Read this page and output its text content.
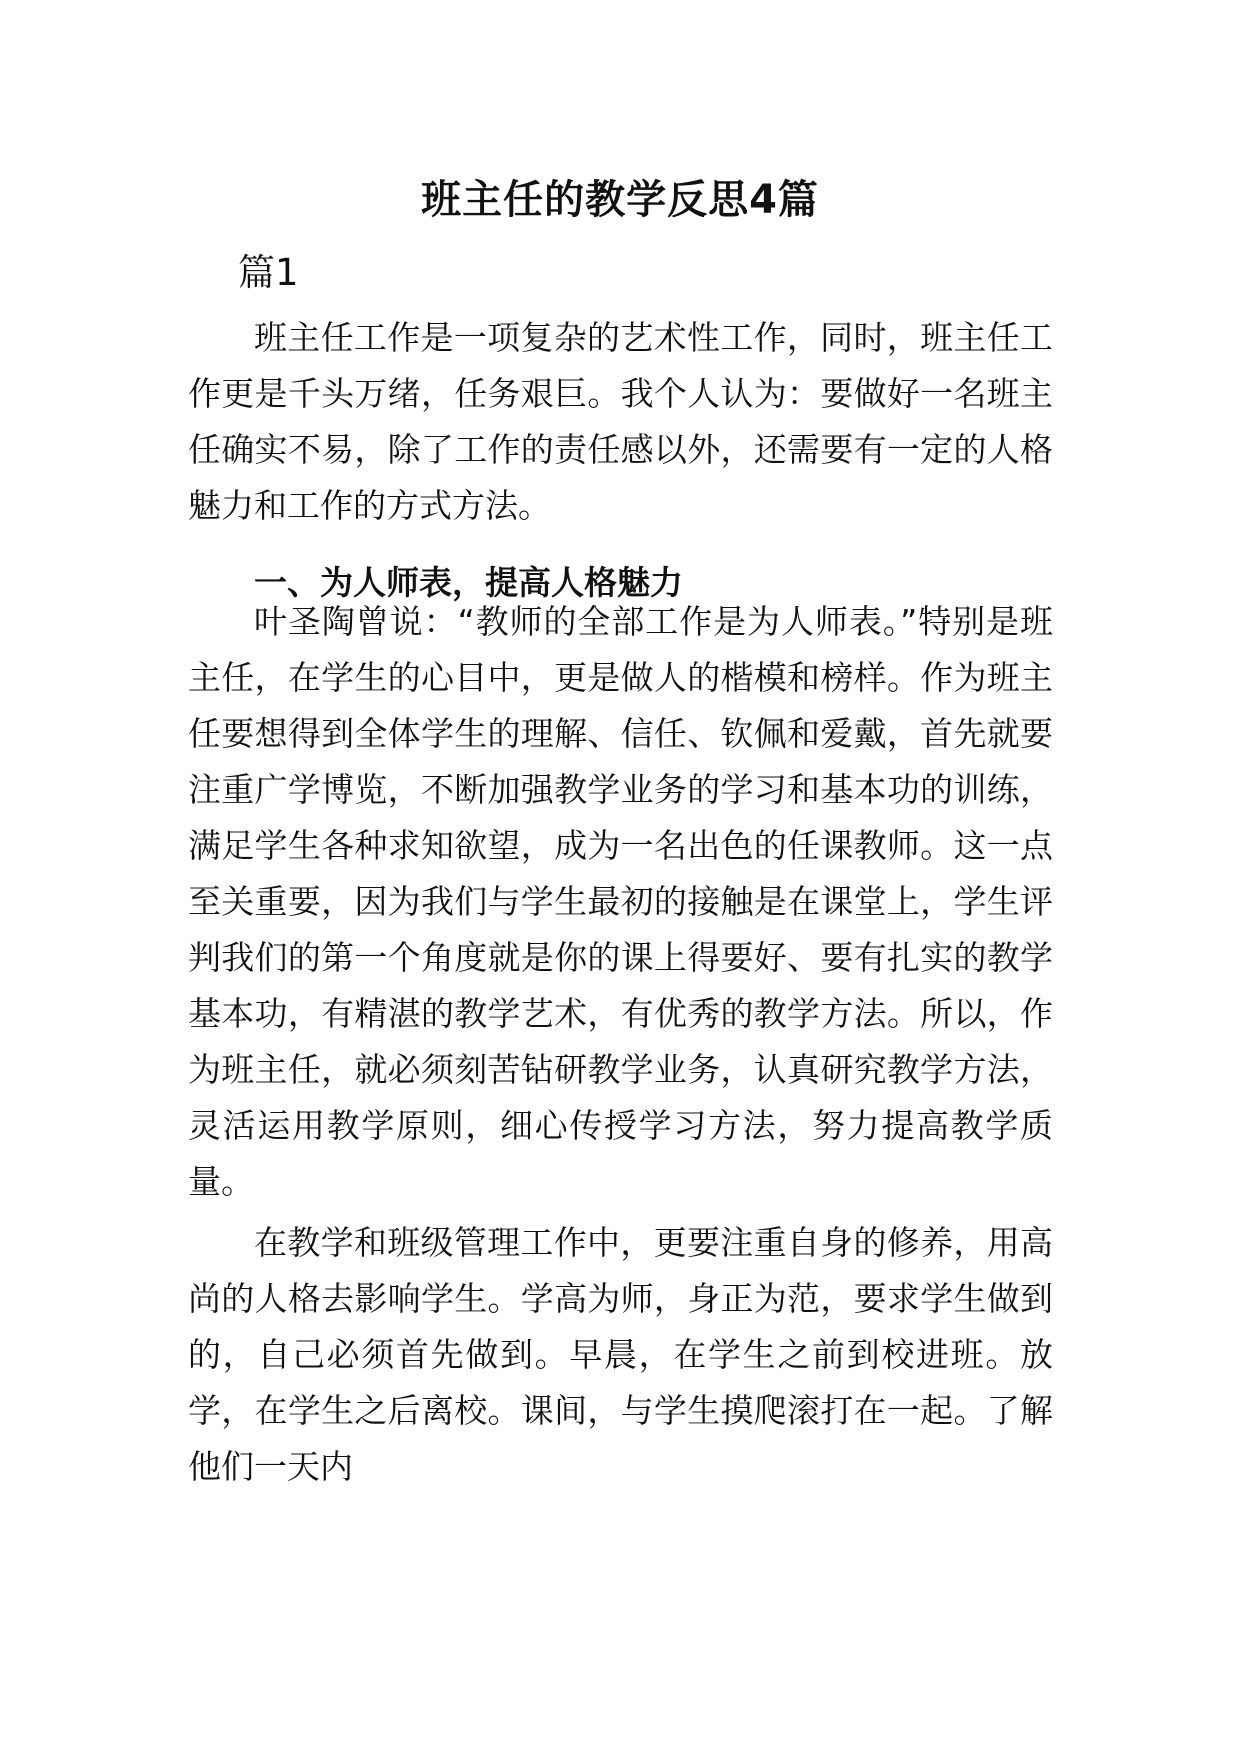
班主任的教学反思4篇

篇1

班主任工作是一项复杂的艺术性工作，同时，班主任工作更是千头万绪，任务艰巨。我个人认为：要做好一名班主任确实不易，除了工作的责任感以外，还需要有一定的人格魅力和工作的方式方法。

一、为人师表，提高人格魅力

叶圣陶曾说：“教师的全部工作是为人师表。”特别是班主任，在学生的心目中，更是做人的楷模和榜样。作为班主任要想得到全体学生的理解、信任、钦佩和爱戴，首先就要注重广学博览，不断加强教学业务的学习和基本功的训练，满足学生各种求知欲望，成为一名出色的任课教师。这一点至关重要，因为我们与学生最初的接触是在课堂上，学生评判我们的第一个角度就是你的课上得要好、要有扎实的教学基本功，有精湛的教学艺术，有优秀的教学方法。所以，作为班主任，就必须刻苦钻研教学业务，认真研究教学方法，灵活运用教学原则，细心传授学习方法，努力提高教学质量。

在教学和班级管理工作中，更要注重自身的修养，用高尚的人格去影响学生。学高为师，身正为范，要求学生做到的，自己必须首先做到。早晨，在学生之前到校进班。放学，在学生之后离校。课间，与学生摸爬滚打在一起。了解他们一天内
